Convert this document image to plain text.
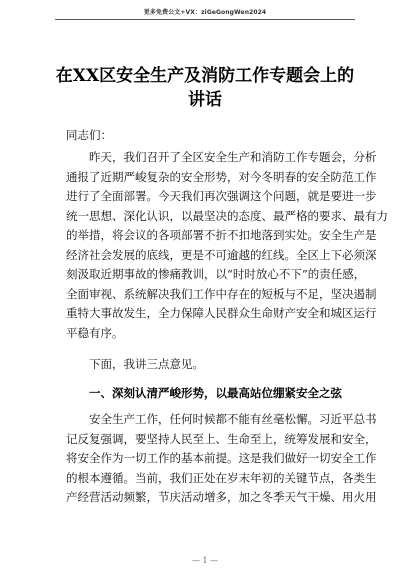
更多免费公文+VX：ziGeGongWen2024
在XX区安全生产及消防工作专题会上的
讲话
同志们：
昨天，我们召开了全区安全生产和消防工作专题会，分析
通报了近期严峻复杂的安全形势，对今冬明春的安全防范工作
进行了全面部署。今天我们再次强调这个问题，就是要进一步
统一思想、深化认识，以最坚决的态度、最严格的要求、最有力
的举措，将会议的各项部署不折不扣地落到实处。安全生产是
经济社会发展的底线，更是不可逾越的红线。全区上下必须深
刻汲取近期事故的惨痛教训，以“时时放心不下”的责任感，
全面审视、系统解决我们工作中存在的短板与不足，坚决遏制
重特大事故发生，全力保障人民群众生命财产安全和城区运行
平稳有序。
下面，我讲三点意见。
一、深刻认清严峻形势，以最高站位绷紧安全之弦
安全生产工作，任何时候都不能有丝毫松懈。习近平总书
记反复强调，要坚持人民至上、生命至上，统筹发展和安全，
将安全作为一切工作的基本前提。这是我们做好一切安全工作
的根本遵循。当前，我们正处在岁末年初的关键节点，各类生
产经营活动频繁，节庆活动增多，加之冬季天气干燥、用火用
— 1 —
